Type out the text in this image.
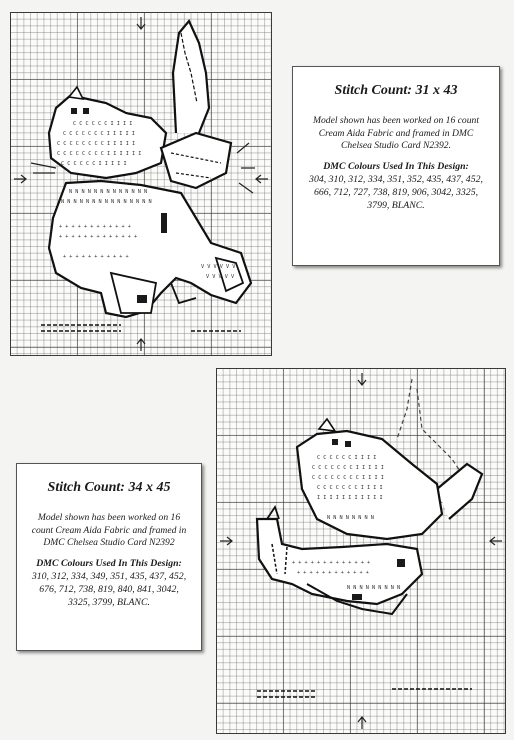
C C C C C C I I I I
C C C C C C C I I I I I
C C C C C C C C I I I I I
C C C C C C C C I I I I I I
C C C C C C I I I I I
N N N N N N N N N N N N N
N N N N N N N N N N N N N N N
+ + + + + + + + + + + +
+ + + + + + + + + + + + +
+ + + + + + + + + + +
V V V V V V
V V V V V
Stitch Count: 31 x 43

Model shown has been worked on 16 count Cream Aida Fabric and framed in DMC Chelsea Studio Card N2392.

DMC Colours Used In This Design:

304, 310, 312, 334, 351, 352, 435, 437, 452, 666, 712, 727, 738, 819, 906, 3042, 3325, 3799, BLANC.

C C C C C C I I I I
C C C C C C C I I I I I
C C C C C C C C I I I I
C C C C C C C I I I I
I I I I I I I I I I I
N N N N N N N N
+ + + + + + + + + + + + +
+ + + + + + + + + + + +
N N N N N N N N N
Stitch Count: 34 x 45

Model shown has been worked on 16 count Cream Aida Fabric and framed in DMC Chelsea Studio Card N2392

DMC Colours Used In This Design:

310, 312, 334, 349, 351, 435, 437, 452, 676, 712, 738, 819, 840, 841, 3042, 3325, 3799, BLANC.
